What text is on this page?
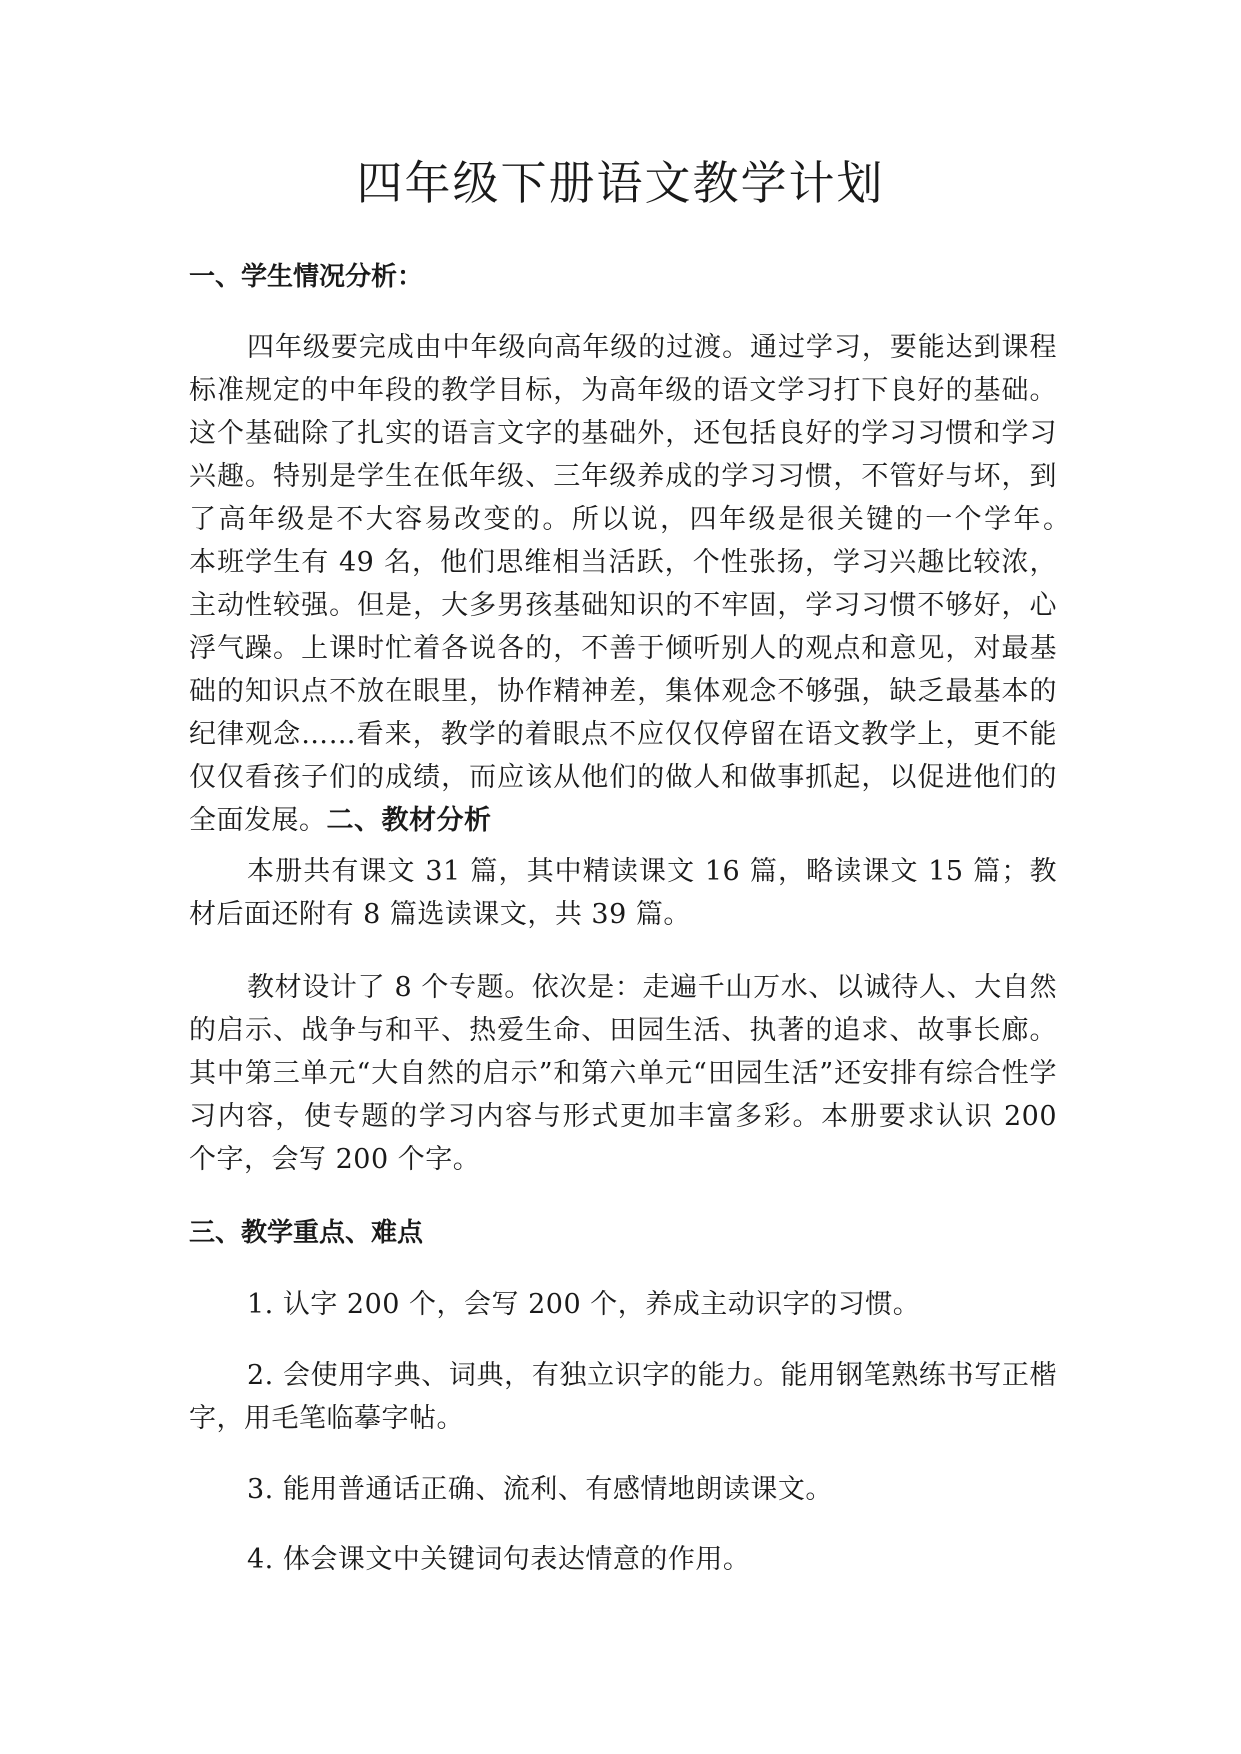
四年级下册语文教学计划
一、学生情况分析：

四年级要完成由中年级向高年级的过渡。通过学习，要能达到课程标准规定的中年段的教学目标，为高年级的语文学习打下良好的基础。这个基础除了扎实的语言文字的基础外，还包括良好的学习习惯和学习兴趣。特别是学生在低年级、三年级养成的学习习惯，不管好与坏，到了高年级是不大容易改变的。所以说，四年级是很关键的一个学年。　　　本班学生有 49 名，他们思维相当活跃，个性张扬，学习兴趣比较浓，主动性较强。但是，大多男孩基础知识的不牢固，学习习惯不够好，心浮气躁。上课时忙着各说各的，不善于倾听别人的观点和意见，对最基础的知识点不放在眼里，协作精神差，集体观念不够强，缺乏最基本的纪律观念……看来，教学的着眼点不应仅仅停留在语文教学上，更不能仅仅看孩子们的成绩，而应该从他们的做人和做事抓起，以促进他们的全面发展。二、教材分析

本册共有课文 31 篇，其中精读课文 16 篇，略读课文 15 篇；教材后面还附有 8 篇选读课文，共 39 篇。

教材设计了 8 个专题。依次是：走遍千山万水、以诚待人、大自然的启示、战争与和平、热爱生命、田园生活、执著的追求、故事长廊。其中第三单元“大自然的启示”和第六单元“田园生活”还安排有综合性学习内容，使专题的学习内容与形式更加丰富多彩。本册要求认识 200 个字，会写 200 个字。

三、教学重点、难点

1. 认字 200 个，会写 200 个，养成主动识字的习惯。

2. 会使用字典、词典，有独立识字的能力。能用钢笔熟练书写正楷字，用毛笔临摹字帖。

3. 能用普通话正确、流利、有感情地朗读课文。

4. 体会课文中关键词句表达情意的作用。
